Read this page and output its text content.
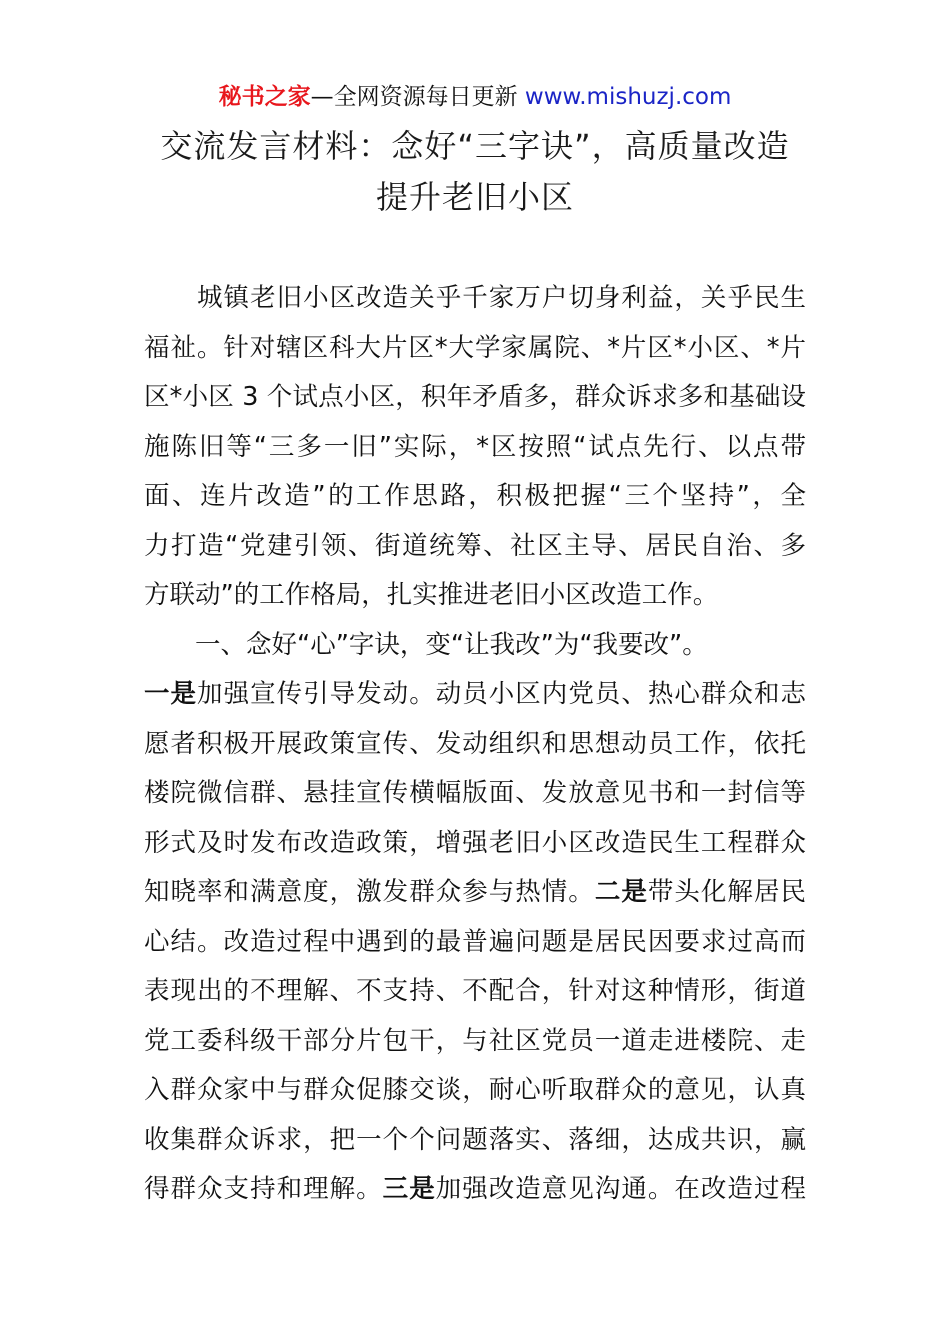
秘书之家—全网资源每日更新 www.mishuzj.com
交流发言材料：念好“三字诀”，高质量改造
提升老旧小区
　　城镇老旧小区改造关乎千家万户切身利益，关乎民生
福祉。针对辖区科大片区*大学家属院、*片区*小区、*片
区*小区 3 个试点小区，积年矛盾多，群众诉求多和基础设
施陈旧等“三多一旧”实际，*区按照“试点先行、以点带
面、连片改造”的工作思路，积极把握“三个坚持”，全
力打造“党建引领、街道统筹、社区主导、居民自治、多
方联动”的工作格局，扎实推进老旧小区改造工作。
　　一、念好“心”字诀，变“让我改”为“我要改”。
一是加强宣传引导发动。动员小区内党员、热心群众和志
愿者积极开展政策宣传、发动组织和思想动员工作，依托
楼院微信群、悬挂宣传横幅版面、发放意见书和一封信等
形式及时发布改造政策，增强老旧小区改造民生工程群众
知晓率和满意度，激发群众参与热情。二是带头化解居民
心结。改造过程中遇到的最普遍问题是居民因要求过高而
表现出的不理解、不支持、不配合，针对这种情形，街道
党工委科级干部分片包干，与社区党员一道走进楼院、走
入群众家中与群众促膝交谈，耐心听取群众的意见，认真
收集群众诉求，把一个个问题落实、落细，达成共识，赢
得群众支持和理解。三是加强改造意见沟通。在改造过程
